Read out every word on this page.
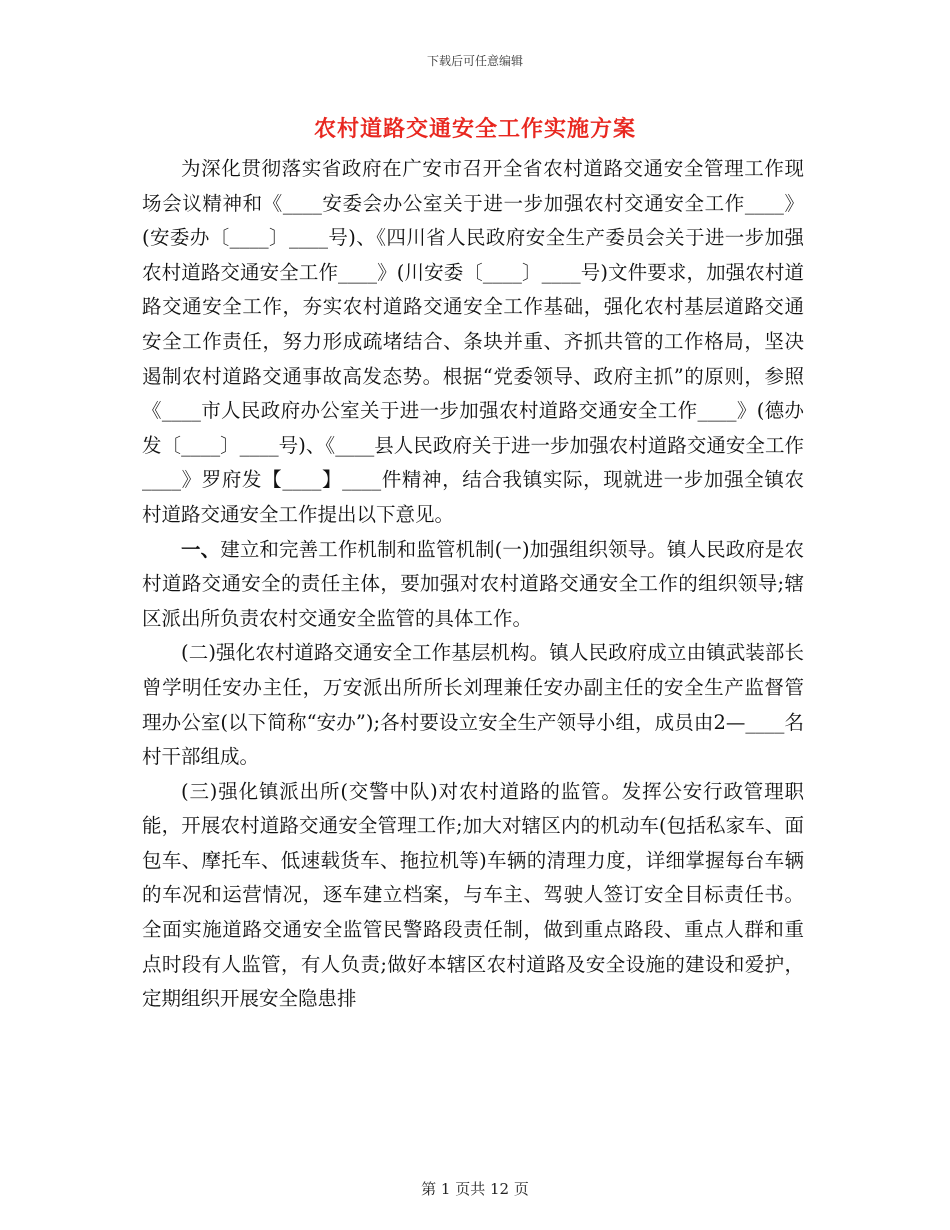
下载后可任意编辑
农村道路交通安全工作实施方案

为深化贯彻落实省政府在广安市召开全省农村道路交通安全管理工作现场会议精神和《____安委会办公室关于进一步加强农村交通安全工作____》(安委办〔____〕____号)、《四川省人民政府安全生产委员会关于进一步加强农村道路交通安全工作____》(川安委〔____〕____号)文件要求，加强农村道路交通安全工作，夯实农村道路交通安全工作基础，强化农村基层道路交通安全工作责任，努力形成疏堵结合、条块并重、齐抓共管的工作格局，坚决遏制农村道路交通事故高发态势。根据“党委领导、政府主抓”的原则，参照《____市人民政府办公室关于进一步加强农村道路交通安全工作____》(德办发〔____〕____号)、《____县人民政府关于进一步加强农村道路交通安全工作____》罗府发【____】____件精神，结合我镇实际，现就进一步加强全镇农村道路交通安全工作提出以下意见。

一、建立和完善工作机制和监管机制(一)加强组织领导。镇人民政府是农村道路交通安全的责任主体，要加强对农村道路交通安全工作的组织领导;辖区派出所负责农村交通安全监管的具体工作。

(二)强化农村道路交通安全工作基层机构。镇人民政府成立由镇武装部长曾学明任安办主任，万安派出所所长刘理兼任安办副主任的安全生产监督管理办公室(以下简称“安办”);各村要设立安全生产领导小组，成员由2—____名村干部组成。

(三)强化镇派出所(交警中队)对农村道路的监管。发挥公安行政管理职能，开展农村道路交通安全管理工作;加大对辖区内的机动车(包括私家车、面包车、摩托车、低速载货车、拖拉机等)车辆的清理力度，详细掌握每台车辆的车况和运营情况，逐车建立档案，与车主、驾驶人签订安全目标责任书。全面实施道路交通安全监管民警路段责任制，做到重点路段、重点人群和重点时段有人监管，有人负责;做好本辖区农村道路及安全设施的建设和爱护，定期组织开展安全隐患排

第 1 页共 12 页
